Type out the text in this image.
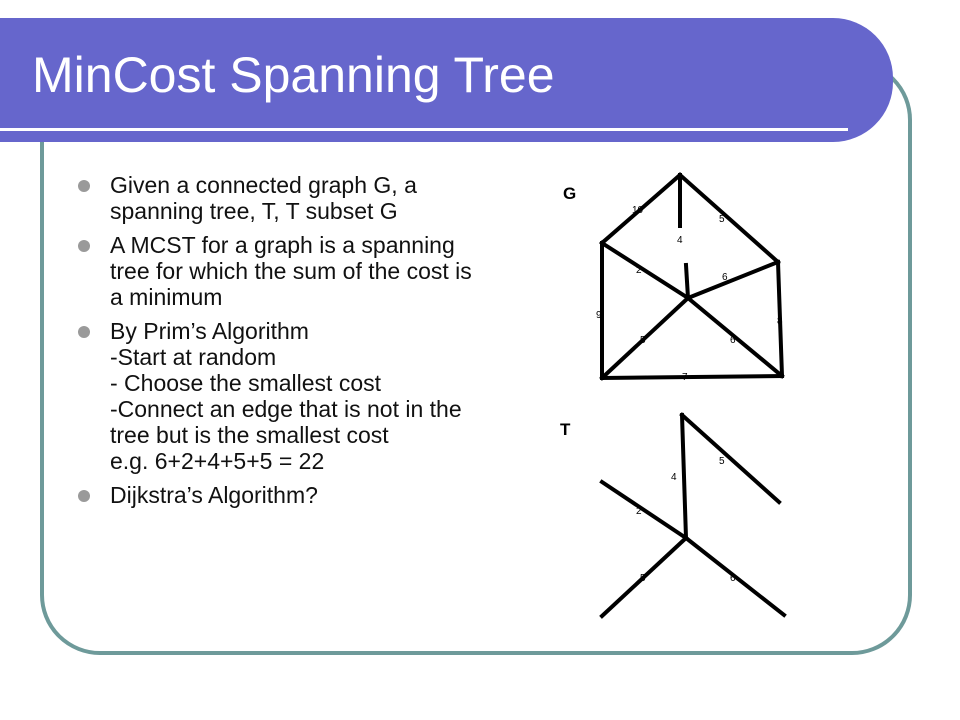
MinCost Spanning Tree
Given a connected graph G, a spanning tree, T, T subset G
A MCST for a graph is a spanning tree for which the sum of the cost is a minimum
By Prim’s Algorithm
-Start at random
- Choose the smallest cost
-Connect an edge that is not in the tree but is the smallest cost
e.g. 6+2+4+5+5 = 22
Dijkstra’s Algorithm?
G
10
5
4
2
6
9
8
5	6
7
T
5
4
2
5	6
